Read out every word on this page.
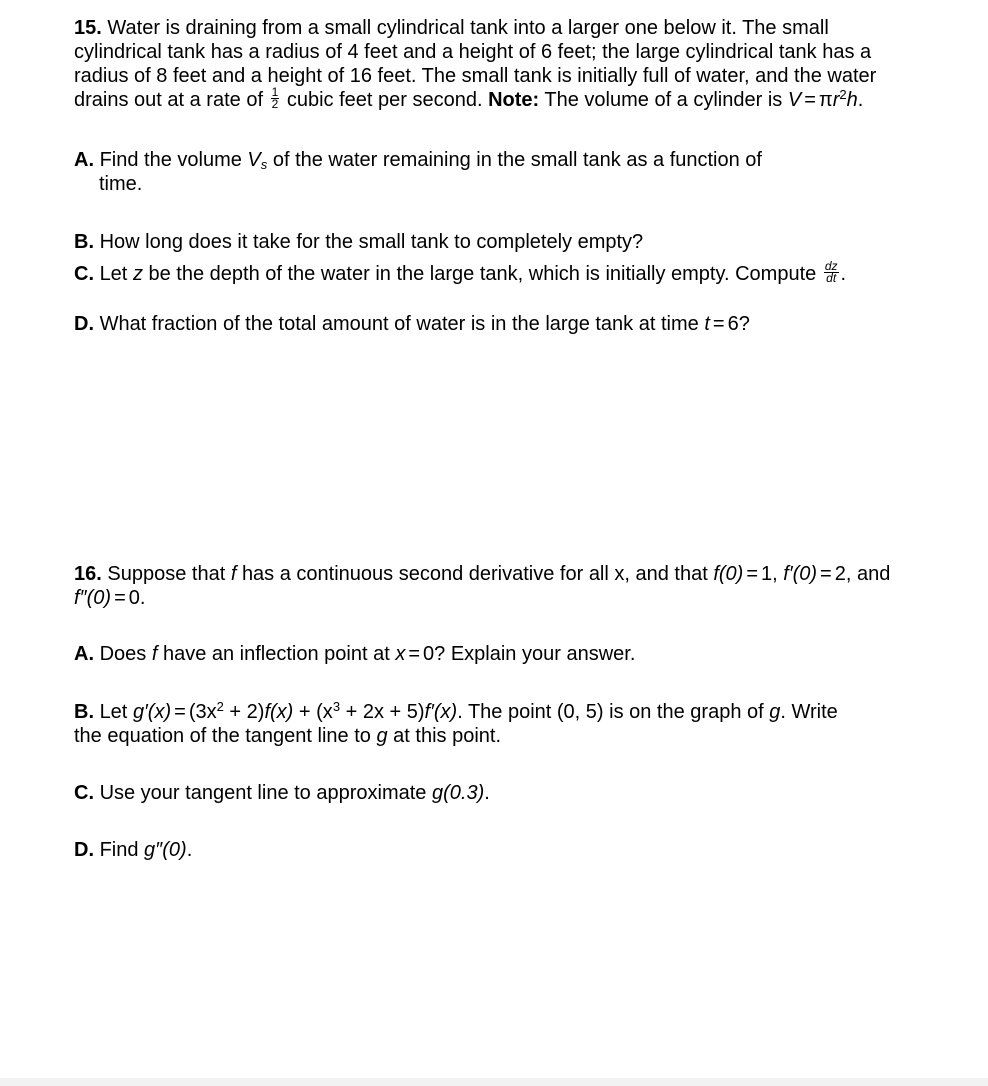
15. Water is draining from a small cylindrical tank into a larger one below it. The small
cylindrical tank has a radius of 4 feet and a height of 6 feet; the large cylindrical tank has a
radius of 8 feet and a height of 16 feet. The small tank is initially full of water, and the water
drains out at a rate of $\frac{1}{2}$ cubic feet per second. Note: The volume of a cylinder is $V = \pi r^2h$.
A. Find the volume $V_s$ of the water remaining in the small tank as a function of
time.
B. How long does it take for the small tank to completely empty?
C. Let z be the depth of the water in the large tank, which is initially empty. Compute $\frac{dz}{dt}$ .
D. What fraction of the total amount of water is in the large tank at time t = 6?
16. Suppose that f has a continuous second derivative for all x, and that f(0) = 1, f′(0) = 2, and
f″(0) = 0.
A. Does f have an inflection point at x = 0? Explain your answer.
B. Let $g'(x) = (3x^2 + 2)f(x) + (x^3 + 2x + 5)f'(x)$. The point (0, 5) is on the graph of g. Write
the equation of the tangent line to g at this point.
C. Use your tangent line to approximate g(0.3).
D. Find g″(0).
